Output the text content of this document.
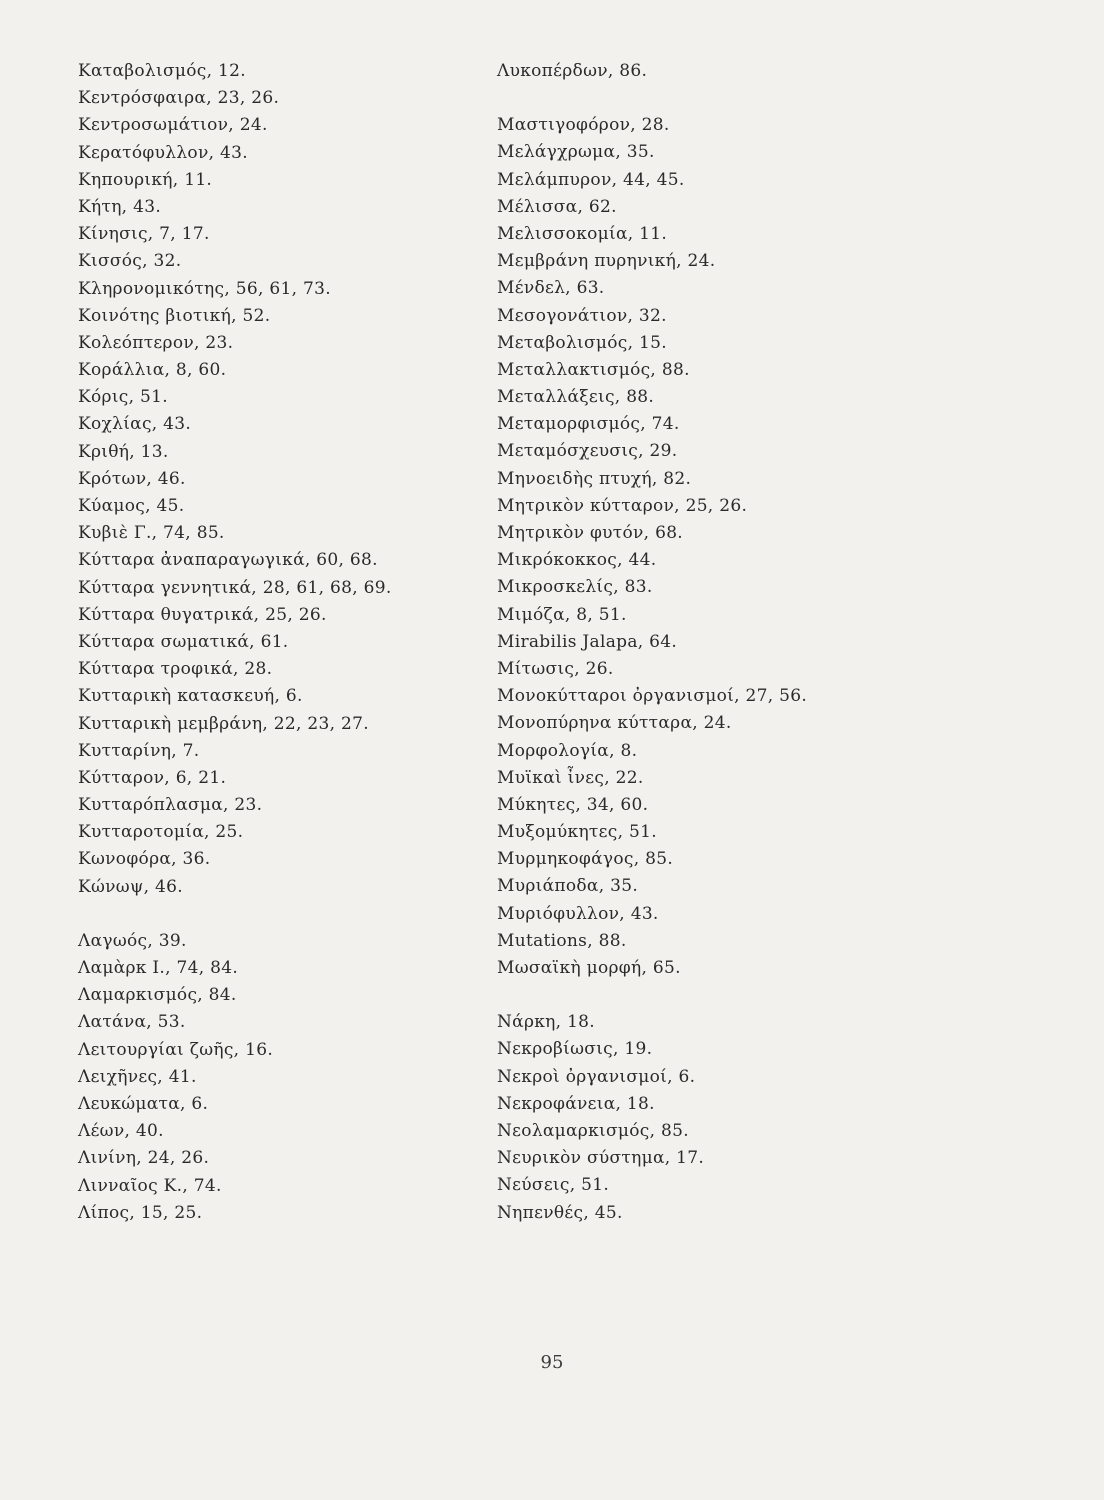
Καταβολισμός, 12.
Κεντρόσφαιρα, 23, 26.
Κεντροσωμάτιον, 24.
Κερατόφυλλον, 43.
Κηπουρική, 11.
Κήτη, 43.
Κίνησις, 7, 17.
Κισσός, 32.
Κληρονομικότης, 56, 61, 73.
Κοινότης βιοτική, 52.
Κολεόπτερον, 23.
Κοράλλια, 8, 60.
Κόρις, 51.
Κοχλίας, 43.
Κριθή, 13.
Κρότων, 46.
Κύαμος, 45.
Κυβιὲ Γ., 74, 85.
Κύτταρα ἀναπαραγωγικά, 60, 68.
Κύτταρα γεννητικά, 28, 61, 68, 69.
Κύτταρα θυγατρικά, 25, 26.
Κύτταρα σωματικά, 61.
Κύτταρα τροφικά, 28.
Κυτταρικὴ κατασκευή, 6.
Κυτταρικὴ μεμβράνη, 22, 23, 27.
Κυτταρίνη, 7.
Κύτταρον, 6, 21.
Κυτταρόπλασμα, 23.
Κυτταροτομία, 25.
Κωνοφόρα, 36.
Κώνωψ, 46.
Λαγωός, 39.
Λαμὰρκ Ι., 74, 84.
Λαμαρκισμός, 84.
Λατάνα, 53.
Λειτουργίαι ζωῆς, 16.
Λειχῆνες, 41.
Λευκώματα, 6.
Λέων, 40.
Λινίνη, 24, 26.
Λινναῖος Κ., 74.
Λίπος, 15, 25.
Λυκοπέρδων, 86.
Μαστιγοφόρον, 28.
Μελάγχρωμα, 35.
Μελάμπυρον, 44, 45.
Μέλισσα, 62.
Μελισσοκομία, 11.
Μεμβράνη πυρηνική, 24.
Μένδελ, 63.
Μεσογονάτιον, 32.
Μεταβολισμός, 15.
Μεταλλακτισμός, 88.
Μεταλλάξεις, 88.
Μεταμορφισμός, 74.
Μεταμόσχευσις, 29.
Μηνοειδὴς πτυχή, 82.
Μητρικὸν κύτταρον, 25, 26.
Μητρικὸν φυτόν, 68.
Μικρόκοκκος, 44.
Μικροσκελίς, 83.
Μιμόζα, 8, 51.
Mirabilis Jalapa, 64.
Μίτωσις, 26.
Μονοκύτταροι ὀργανισμοί, 27, 56.
Μονοπύρηνα κύτταρα, 24.
Μορφολογία, 8.
Μυϊκαὶ ἶνες, 22.
Μύκητες, 34, 60.
Μυξομύκητες, 51.
Μυρμηκοφάγος, 85.
Μυριάποδα, 35.
Μυριόφυλλον, 43.
Mutations, 88.
Μωσαϊκὴ μορφή, 65.
Νάρκη, 18.
Νεκροβίωσις, 19.
Νεκροὶ ὀργανισμοί, 6.
Νεκροφάνεια, 18.
Νεολαμαρκισμός, 85.
Νευρικὸν σύστημα, 17.
Νεύσεις, 51.
Νηπενθές, 45.
95
